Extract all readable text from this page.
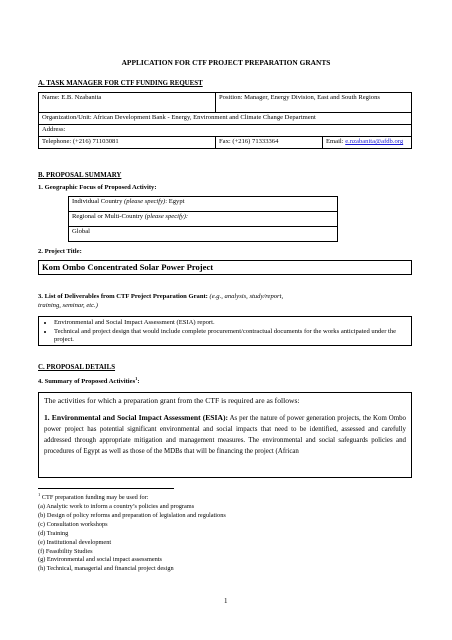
APPLICATION FOR CTF PROJECT PREPARATION GRANTS
A. TASK MANAGER FOR CTF FUNDING REQUEST
Name: E.B. Nzabanita	Position: Manager, Energy Division, East and South Regions	
Organization/Unit: African Development Bank - Energy, Environment and Climate Change Department		
Address:		
Telephone: (+216) 71103081	Fax: (+216) 71333364	Email: e.nzabanita@afdb.org
B. PROPOSAL SUMMARY
1. Geographic Focus of Proposed Activity:
Individual Country (please specify): Egypt
Regional or Multi-Country (please specify):
Global
2. Project Title:
Kom Ombo Concentrated Solar Power Project
3. List of Deliverables from CTF Project Preparation Grant: (e.g., analysis, study/report,
training, seminar, etc.)
• Environmental and Social Impact Assessment (ESIA) report.
• Technical and project design that would include complete procurement/contractual documents for the works anticipated under the project.
C. PROPOSAL DETAILS
4. Summary of Proposed Activities$^1$:
The activities for which a preparation grant from the CTF is required are as follows:
1. Environmental and Social Impact Assessment (ESIA): As per the nature of power generation projects, the Kom Ombo power project has potential significant environmental and social impacts that need to be identified, assessed and carefully addressed through appropriate mitigation and management measures. The environmental and social safeguards policies and procedures of Egypt as well as those of the MDBs that will be financing the project (African
$^1$ CTF preparation funding may be used for:
(a) Analytic work to inform a country’s policies and programs
(b) Design of policy reforms and preparation of legislation and regulations
(c) Consultation workshops
(d) Training
(e) Institutional development
(f) Feasibility Studies
(g) Environmental and social impact assessments
(h) Technical, managerial and financial project design
1
